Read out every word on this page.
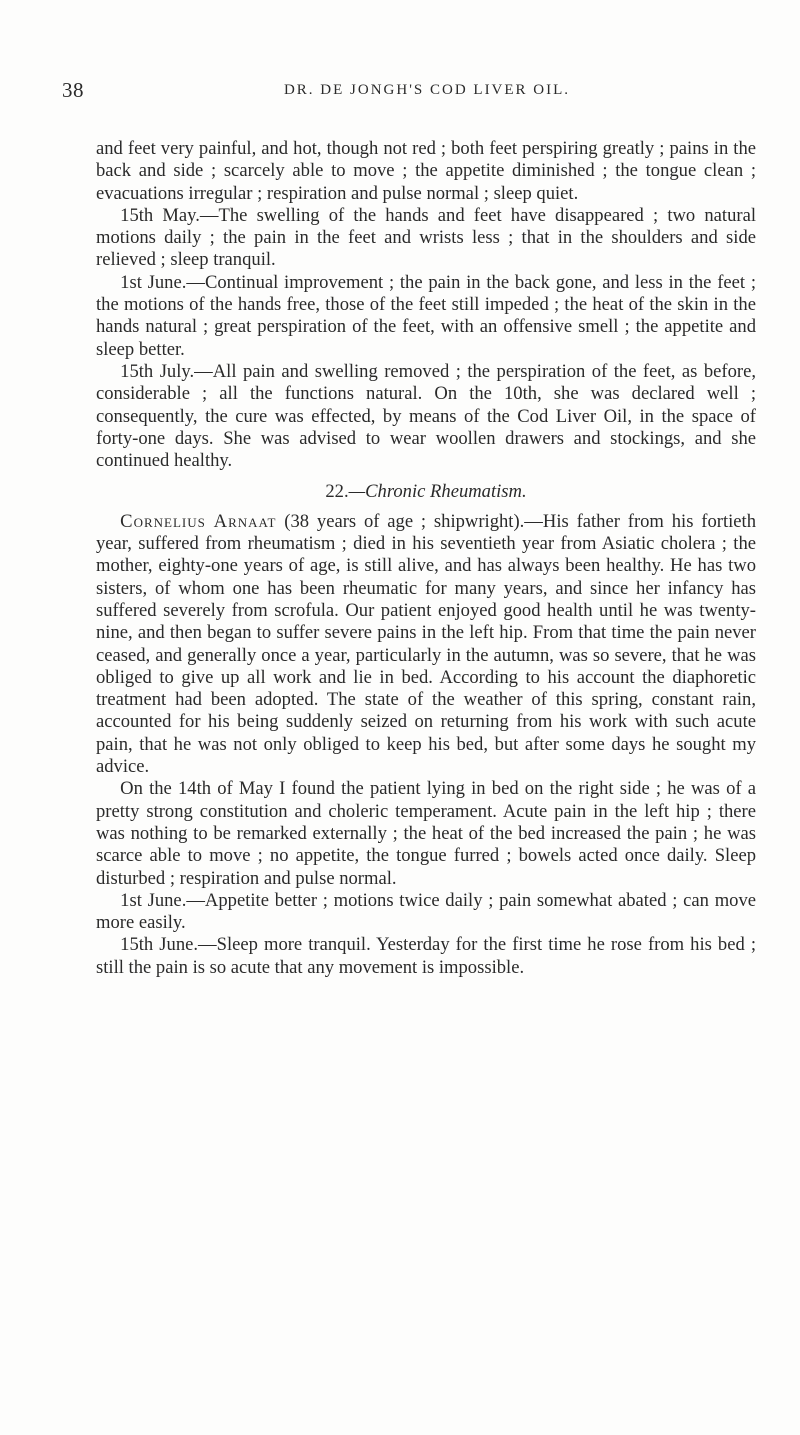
38	DR. DE JONGH'S COD LIVER OIL.

and feet very painful, and hot, though not red ; both feet perspiring greatly ; pains in the back and side ; scarcely able to move ; the appetite diminished ; the tongue clean ; evacuations irregular ; respiration and pulse normal ; sleep quiet.

15th May.—The swelling of the hands and feet have disappeared ; two natural motions daily ; the pain in the feet and wrists less ; that in the shoulders and side relieved ; sleep tranquil.

1st June.—Continual improvement ; the pain in the back gone, and less in the feet ; the motions of the hands free, those of the feet still impeded ; the heat of the skin in the hands natural ; great perspiration of the feet, with an offensive smell ; the appetite and sleep better.

15th July.—All pain and swelling removed ; the perspiration of the feet, as before, considerable ; all the functions natural. On the 10th, she was declared well ; consequently, the cure was effected, by means of the Cod Liver Oil, in the space of forty-one days. She was advised to wear woollen drawers and stockings, and she continued healthy.

22.—Chronic Rheumatism.

Cornelius Arnaat (38 years of age ; shipwright).—His father from his fortieth year, suffered from rheumatism ; died in his seventieth year from Asiatic cholera ; the mother, eighty-one years of age, is still alive, and has always been healthy. He has two sisters, of whom one has been rheumatic for many years, and since her infancy has suffered severely from scrofula. Our patient enjoyed good health until he was twenty-nine, and then began to suffer severe pains in the left hip. From that time the pain never ceased, and generally once a year, particularly in the autumn, was so severe, that he was obliged to give up all work and lie in bed. According to his account the diaphoretic treatment had been adopted. The state of the weather of this spring, constant rain, accounted for his being suddenly seized on returning from his work with such acute pain, that he was not only obliged to keep his bed, but after some days he sought my advice.

On the 14th of May I found the patient lying in bed on the right side ; he was of a pretty strong constitution and choleric temperament. Acute pain in the left hip ; there was nothing to be remarked externally ; the heat of the bed increased the pain ; he was scarce able to move ; no appetite, the tongue furred ; bowels acted once daily. Sleep disturbed ; respiration and pulse normal.

1st June.—Appetite better ; motions twice daily ; pain somewhat abated ; can move more easily.

15th June.—Sleep more tranquil. Yesterday for the first time he rose from his bed ; still the pain is so acute that any movement is impossible.
